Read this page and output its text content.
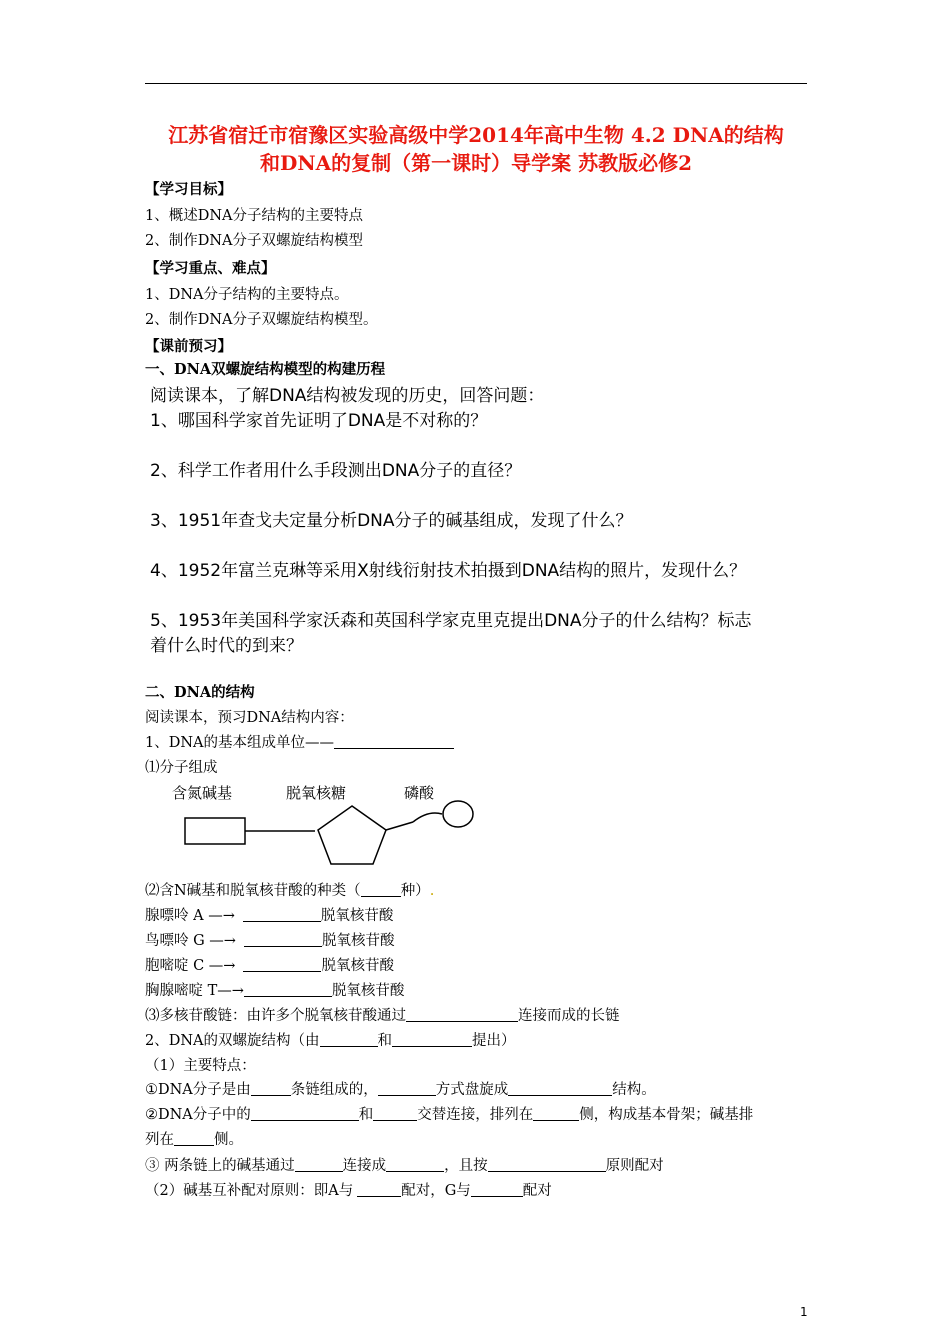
江苏省宿迁市宿豫区实验高级中学2014年高中生物 4.2 DNA的结构
和DNA的复制（第一课时）导学案 苏教版必修2
【学习目标】
1、概述DNA分子结构的主要特点
2、制作DNA分子双螺旋结构模型
【学习重点、难点】
1、DNA分子结构的主要特点。
2、制作DNA分子双螺旋结构模型。
【课前预习】
一、DNA双螺旋结构模型的构建历程
阅读课本，了解DNA结构被发现的历史，回答问题：
1、哪国科学家首先证明了DNA是不对称的？
2、科学工作者用什么手段测出DNA分子的直径？
3、1951年查戈夫定量分析DNA分子的碱基组成，发现了什么？
4、1952年富兰克琳等采用X射线衍射技术拍摄到DNA结构的照片，发现什么？
5、1953年美国科学家沃森和英国科学家克里克提出DNA分子的什么结构？标志
着什么时代的到来？
二、DNA的结构
阅读课本，预习DNA结构内容：
1、DNA的基本组成单位——
⑴分子组成
含氮碱基	脱氧核糖	磷酸
⑵含N碱基和脱氧核苷酸的种类（	种）.
腺嘌呤 A —→	脱氧核苷酸
鸟嘌呤 G —→	脱氧核苷酸
胞嘧啶 C —→	脱氧核苷酸
胸腺嘧啶 T—→	脱氧核苷酸
⑶多核苷酸链：由许多个脱氧核苷酸通过	连接而成的长链
2、DNA的双螺旋结构（由	和	提出）
（1）主要特点：
①DNA分子是由	条链组成的，	方式盘旋成	结构。
②DNA分子中的	和	交替连接，排列在	侧，构成基本骨架；碱基排
列在	侧。
③ 两条链上的碱基通过	连接成	，且按	原则配对
（2）碱基互补配对原则：即A与	配对，G与	配对
1
